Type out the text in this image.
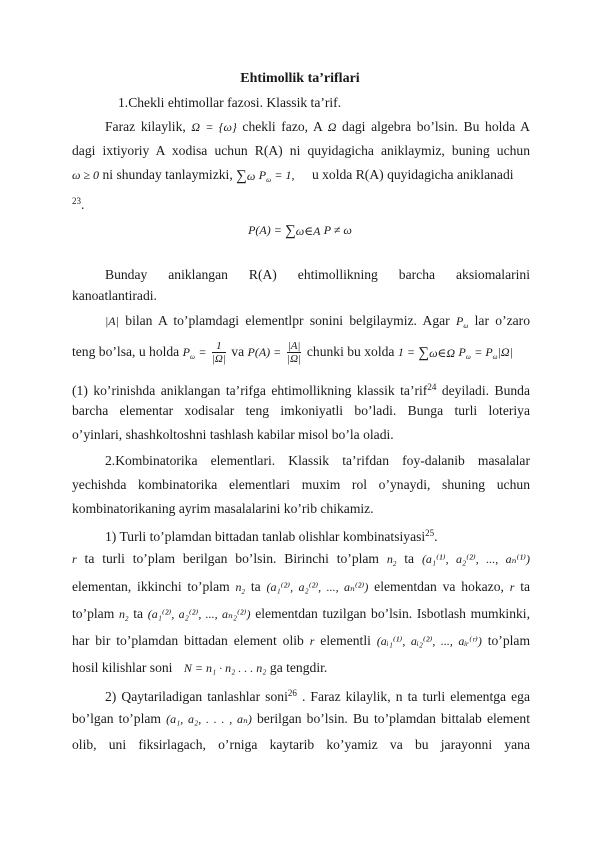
Ehtimollik ta’riflari

1.Chekli ehtimollar fazosi. Klassik ta’rif.

Faraz kilaylik, Ω = {ω} chekli fazo, A Ω dagi algebra bo’lsin. Bu holda A

dagi ixtiyoriy A xodisa uchun R(A) ni quyidagicha aniklaymiz, buning uchun

ω ≥ 0 ni shunday tanlaymizki, ∑ω $P_\omega = 1$, u xolda R(A) quyidagicha aniklanadi

$^{23}$.

P(A) = ∑ω∈A P ≠ ω

Bunday aniklangan R(A) ehtimollikning barcha aksiomalarini

kanoatlantiradi.

|A| bilan A to’plamdagi elementlpr sonini belgilaymiz. Agar $P_\omega$ lar o’zaro

teng bo’lsa, u holda $P_\omega = \frac{1}{|\Omega|}$ va $P(A) = \frac{|A|}{|\Omega|}$ chunki bu xolda 1 = ∑ω∈Ω $P_\omega = P_\omega|\Omega|$

(1) ko’rinishda aniklangan ta’rifga ehtimollikning klassik ta’rif$^{24}$ deyiladi. Bunda

barcha elementar xodisalar teng imkoniyatli bo’ladi. Bunga turli loteriya

o’yinlari, shashkoltoshni tashlash kabilar misol bo’la oladi.

2.Kombinatorika elementlari. Klassik ta’rifdan foy-dalanib masalalar

yechishda kombinatorika elementlari muxim rol o’ynaydi, shuning uchun

kombinatorikaning ayrim masalalarini ko’rib chikamiz.

1) Turli to’plamdan bittadan tanlab olishlar kombinatsiyasi$^{25}$.

r ta turli to’plam berilgan bo’lsin. Birinchi to’plam $n_2$ ta (a₁⁽¹⁾, a₂⁽²⁾, ..., aₙ⁽¹⁾)

elementan, ikkinchi to’plam $n_2$ ta (a₁⁽²⁾, a₂⁽²⁾, ..., aₙ⁽²⁾) elementdan va hokazo, r ta

to’plam $n_2$ ta (a₁⁽²⁾, a₂⁽²⁾, ..., aₙ₂⁽²⁾) elementdan tuzilgan bo’lsin. Isbotlash mumkinki,

har bir to’plamdan bittadan element olib r elementli (aᵢ₁⁽¹⁾, aᵢ₂⁽²⁾, ..., aᵢᵣ⁽ʳ⁾) to’plam

hosil kilishlar soni N = n₁ · n₂ . . . n₂ ga tengdir.

2) Qaytariladigan tanlashlar soni$^{26}$ . Faraz kilaylik, n ta turli elementga ega

bo’lgan to’plam (a₁, a₂, . . . , aₙ) berilgan bo’lsin. Bu to’plamdan bittalab element

olib, uni fiksirlagach, o’rniga kaytarib ko’yamiz va bu jarayonni yana
